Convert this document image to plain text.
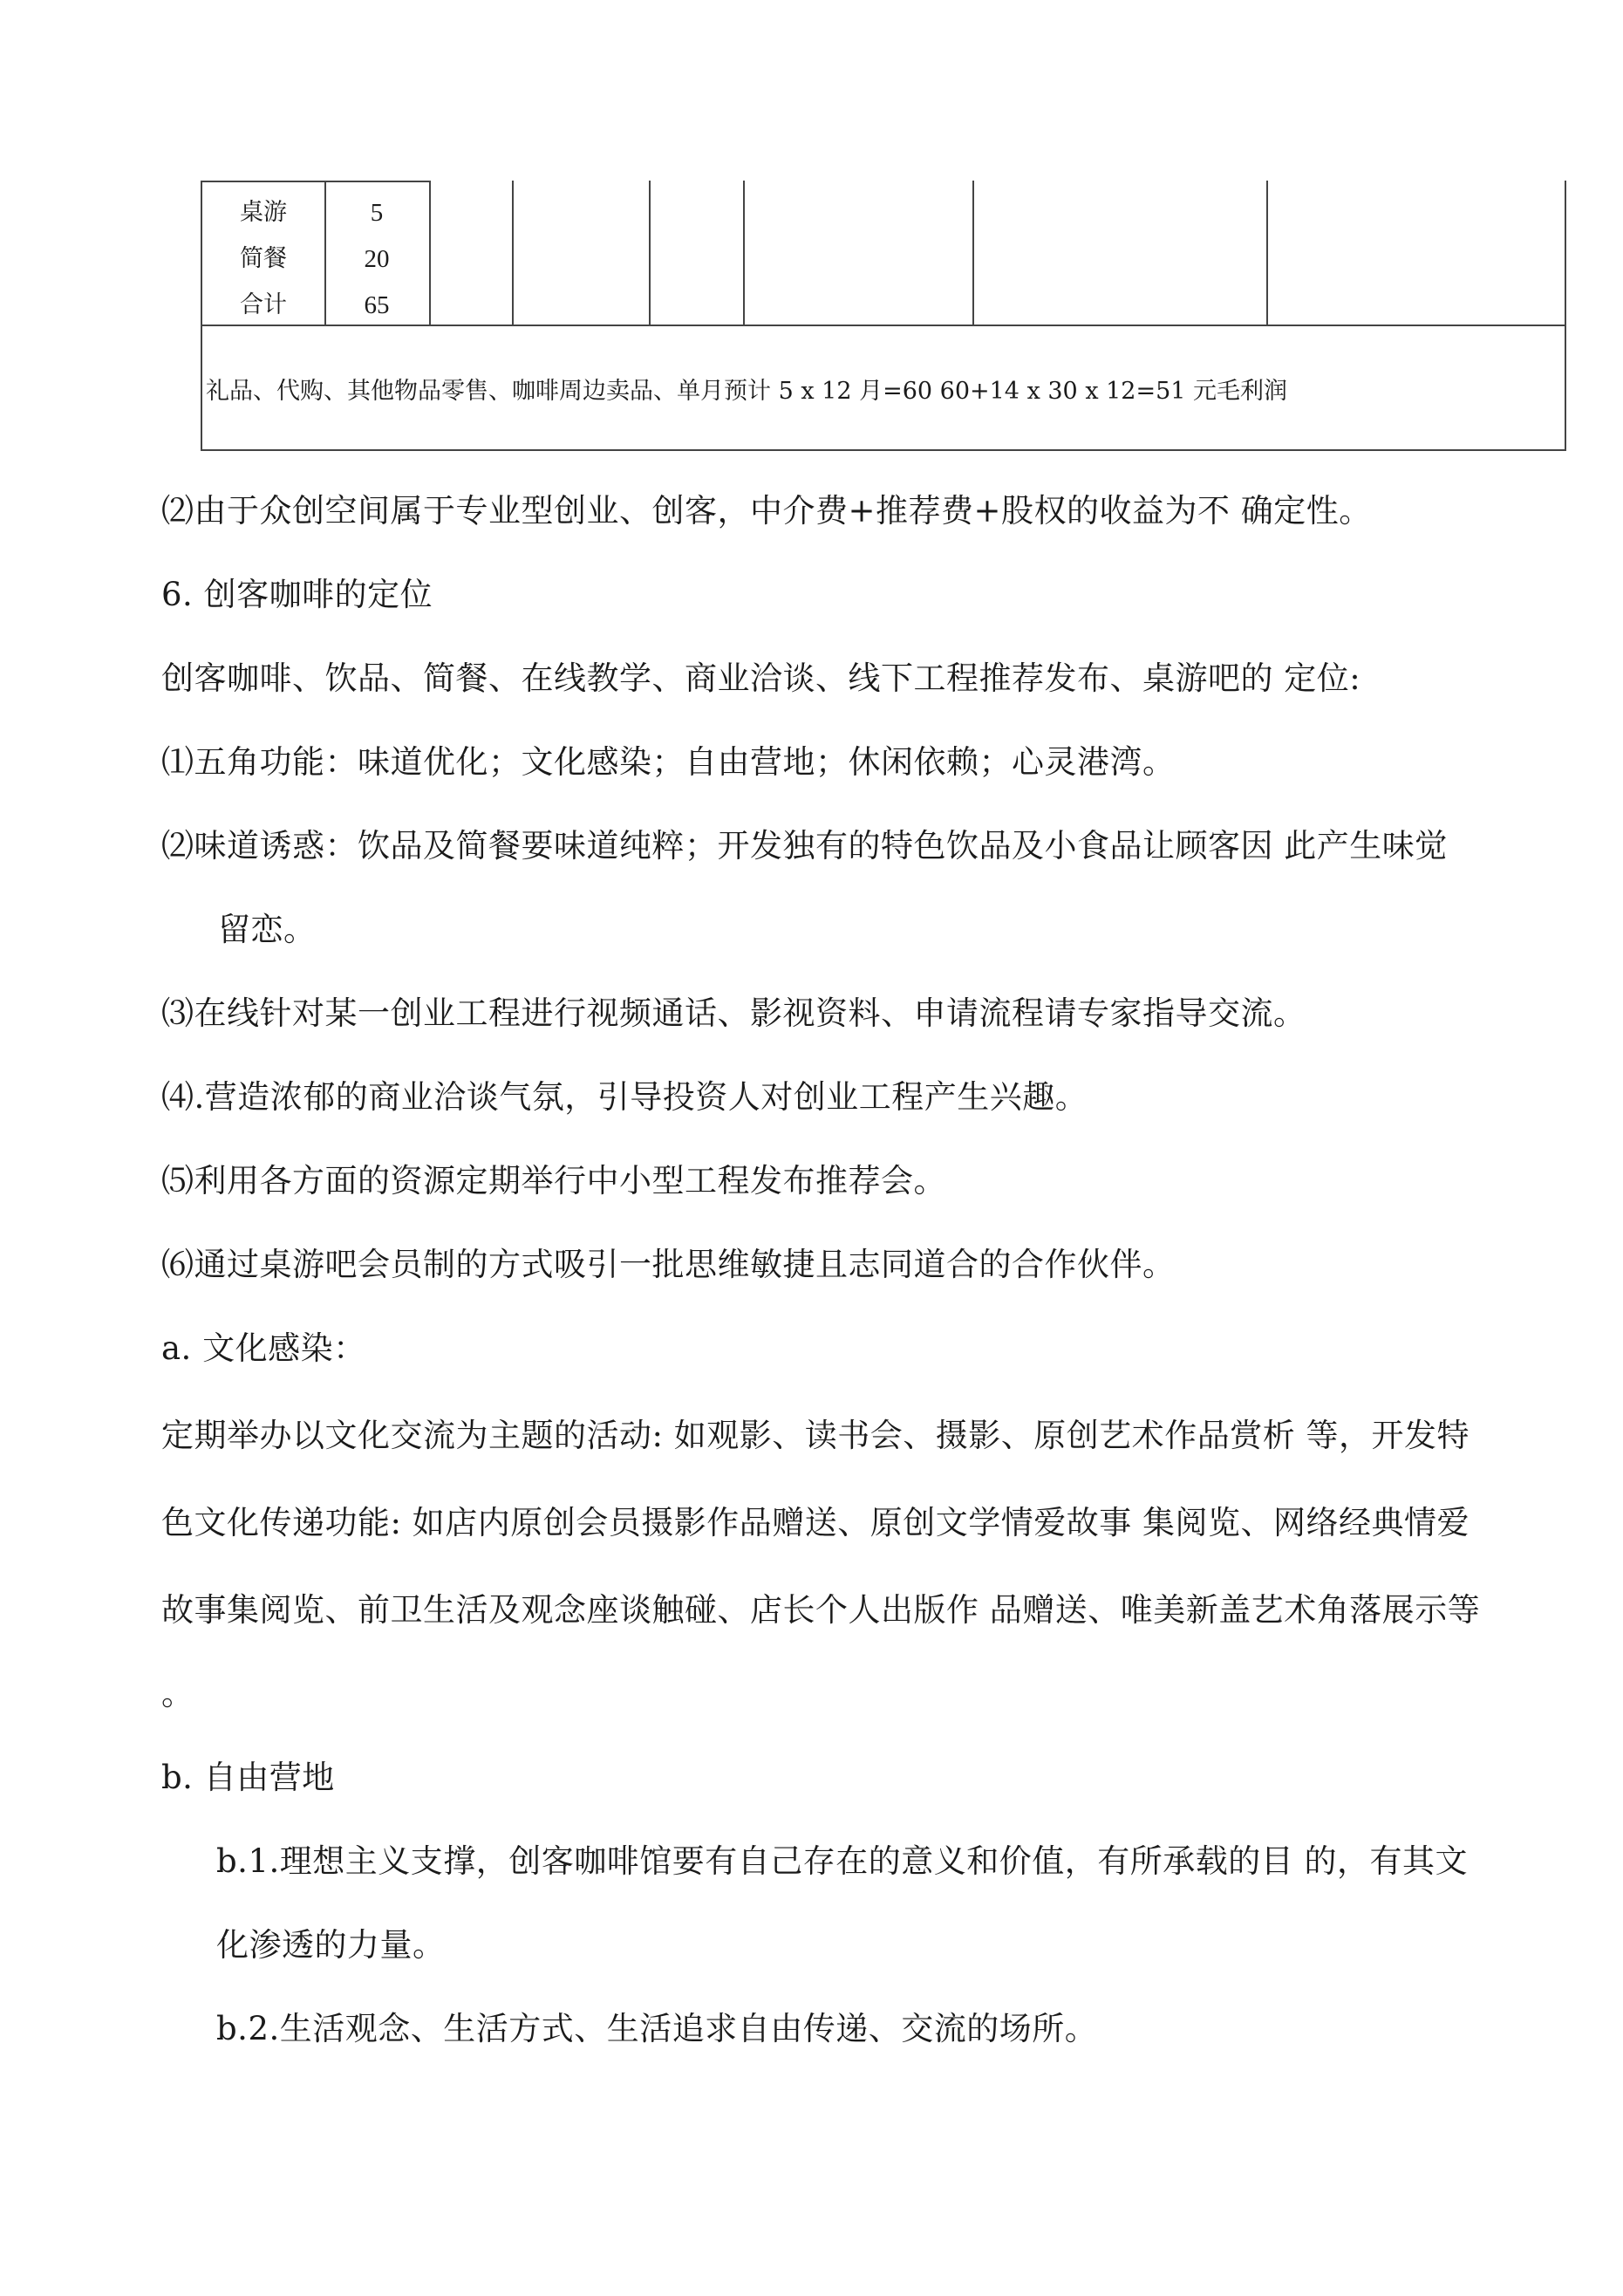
桌游	5
简餐	20
合计	65
礼品、代购、其他物品零售、咖啡周边卖品、单月预计 5 x 12 月=60 60+14 x 30 x 12=51 元毛利润
⑵由于众创空间属于专业型创业、创客，中介费+推荐费+股权的收益为不 确定性。
6. 创客咖啡的定位
创客咖啡、饮品、简餐、在线教学、商业洽谈、线下工程推荐发布、桌游吧的 定位:
⑴五角功能：味道优化；文化感染；自由营地；休闲依赖；心灵港湾。
⑵味道诱惑：饮品及简餐要味道纯粹；开发独有的特色饮品及小食品让顾客因 此产生味觉
留恋。
⑶在线针对某一创业工程进行视频通话、影视资料、申请流程请专家指导交流。
⑷.营造浓郁的商业洽谈气氛，引导投资人对创业工程产生兴趣。
⑸利用各方面的资源定期举行中小型工程发布推荐会。
⑹通过桌游吧会员制的方式吸引一批思维敏捷且志同道合的合作伙伴。
a. 文化感染：
定期举办以文化交流为主题的活动: 如观影、读书会、摄影、原创艺术作品赏析 等，开发特
色文化传递功能: 如店内原创会员摄影作品赠送、原创文学情爱故事 集阅览、网络经典情爱
故事集阅览、前卫生活及观念座谈触碰、店长个人出版作 品赠送、唯美新盖艺术角落展示等
。
b. 自由营地
b.1.理想主义支撑，创客咖啡馆要有自己存在的意义和价值，有所承载的目 的，有其文
化渗透的力量。
b.2.生活观念、生活方式、生活追求自由传递、交流的场所。
